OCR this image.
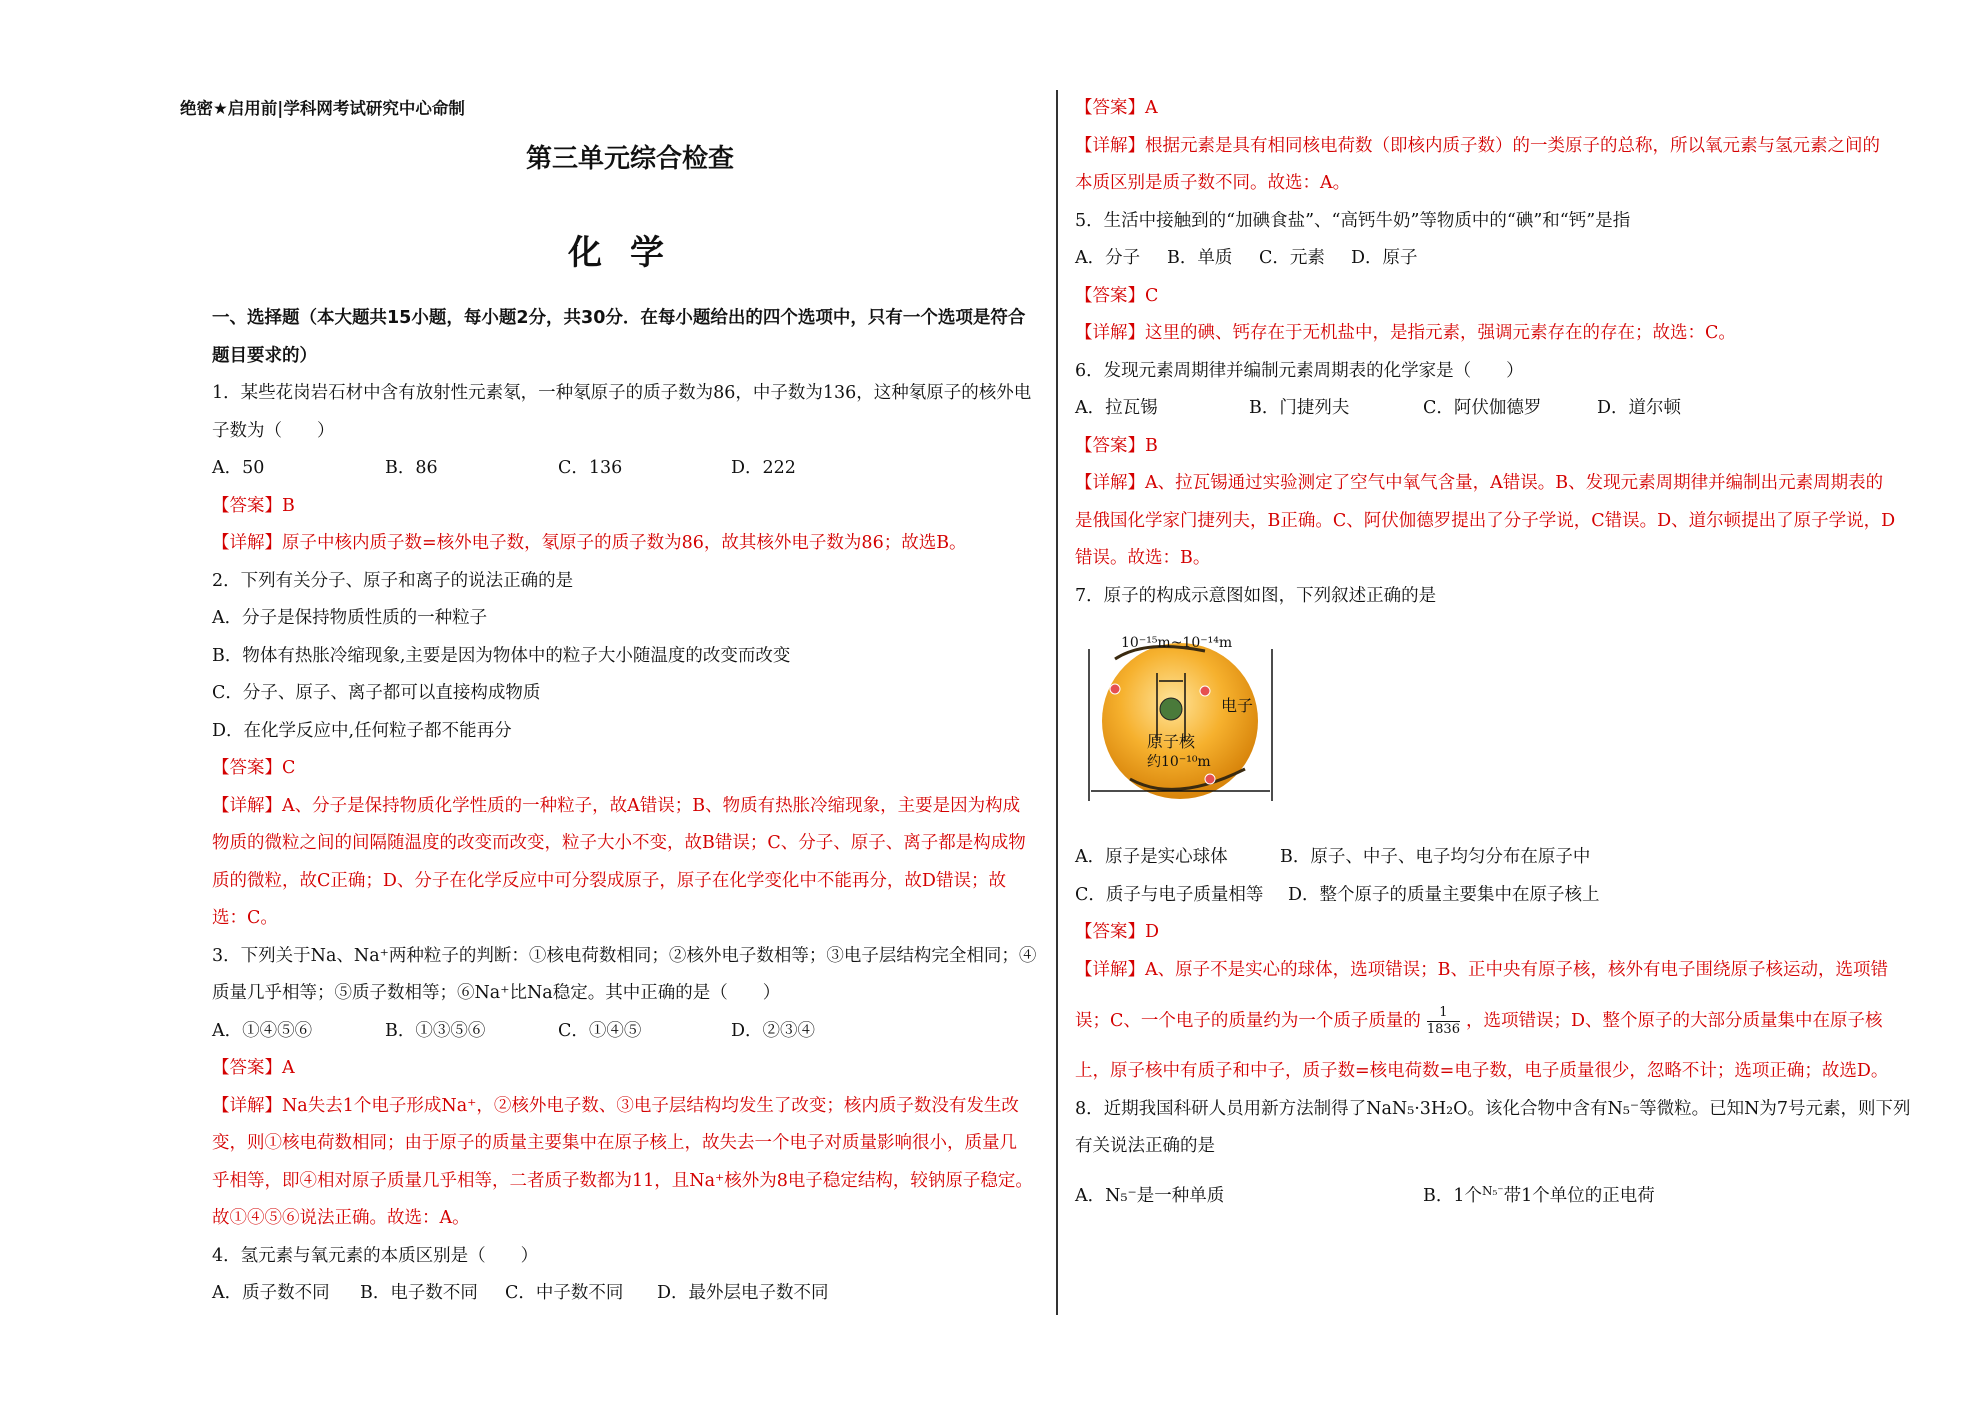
绝密★启用前|学科网考试研究中心命制
第三单元综合检查
化学
一、选择题（本大题共15小题，每小题2分，共30分．在每小题给出的四个选项中，只有一个选项是符合
题目要求的）
1．某些花岗岩石材中含有放射性元素氡，一种氡原子的质子数为86，中子数为136，这种氡原子的核外电
子数为（　　）
A．50	B．86	C．136	D．222
【答案】B
【详解】原子中核内质子数=核外电子数，氡原子的质子数为86，故其核外电子数为86；故选B。
2．下列有关分子、原子和离子的说法正确的是
A．分子是保持物质性质的一种粒子
B．物体有热胀冷缩现象,主要是因为物体中的粒子大小随温度的改变而改变
C．分子、原子、离子都可以直接构成物质
D．在化学反应中,任何粒子都不能再分
【答案】C
【详解】A、分子是保持物质化学性质的一种粒子，故A错误；B、物质有热胀冷缩现象，主要是因为构成
物质的微粒之间的间隔随温度的改变而改变，粒子大小不变，故B错误；C、分子、原子、离子都是构成物
质的微粒，故C正确；D、分子在化学反应中可分裂成原子，原子在化学变化中不能再分，故D错误；故
选：C。
3．下列关于Na、Na⁺两种粒子的判断：①核电荷数相同；②核外电子数相等；③电子层结构完全相同；④
质量几乎相等；⑤质子数相等；⑥Na⁺比Na稳定。其中正确的是（　　）
A．①④⑤⑥	B．①③⑤⑥	C．①④⑤	D．②③④
【答案】A
【详解】Na失去1个电子形成Na⁺，②核外电子数、③电子层结构均发生了改变；核内质子数没有发生改
变，则①核电荷数相同；由于原子的质量主要集中在原子核上，故失去一个电子对质量影响很小，质量几
乎相等，即④相对原子质量几乎相等，二者质子数都为11，且Na⁺核外为8电子稳定结构，较钠原子稳定。
故①④⑤⑥说法正确。故选：A。
4．氢元素与氧元素的本质区别是（　　）
A．质子数不同 B．电子数不同 C．中子数不同 D．最外层电子数不同
【答案】A
【详解】根据元素是具有相同核电荷数（即核内质子数）的一类原子的总称，所以氧元素与氢元素之间的
本质区别是质子数不同。故选：A。
5．生活中接触到的“加碘食盐”、“高钙牛奶”等物质中的“碘”和“钙”是指
A．分子 B．单质 C．元素 D．原子
【答案】C
【详解】这里的碘、钙存在于无机盐中，是指元素，强调元素存在的存在；故选：C。
6．发现元素周期律并编制元素周期表的化学家是（　　）
A．拉瓦锡	B．门捷列夫	C．阿伏伽德罗	D．道尔顿
【答案】B
【详解】A、拉瓦锡通过实验测定了空气中氧气含量，A错误。B、发现元素周期律并编制出元素周期表的
是俄国化学家门捷列夫，B正确。C、阿伏伽德罗提出了分子学说，C错误。D、道尔顿提出了原子学说，D
错误。故选：B。
7．原子的构成示意图如图，下列叙述正确的是
10⁻¹⁵m~10⁻¹⁴m
电子
原子核
约10⁻¹⁰m
A．原子是实心球体	B．原子、中子、电子均匀分布在原子中
C．质子与电子质量相等 D．整个原子的质量主要集中在原子核上
【答案】D
【详解】A、原子不是实心的球体，选项错误；B、正中央有原子核，核外有电子围绕原子核运动，选项错
误；C、一个电子的质量约为一个质子质量的 $\frac{1}{1836}$ ，选项错误；D、整个原子的大部分质量集中在原子核
上，原子核中有质子和中子，质子数=核电荷数=电子数，电子质量很少，忽略不计；选项正确；故选D。
8．近期我国科研人员用新方法制得了NaN₅·3H₂O。该化合物中含有N₅⁻等微粒。已知N为7号元素，则下列
有关说法正确的是
A．N₅⁻是一种单质	B．1个N₅⁻带1个单位的正电荷
